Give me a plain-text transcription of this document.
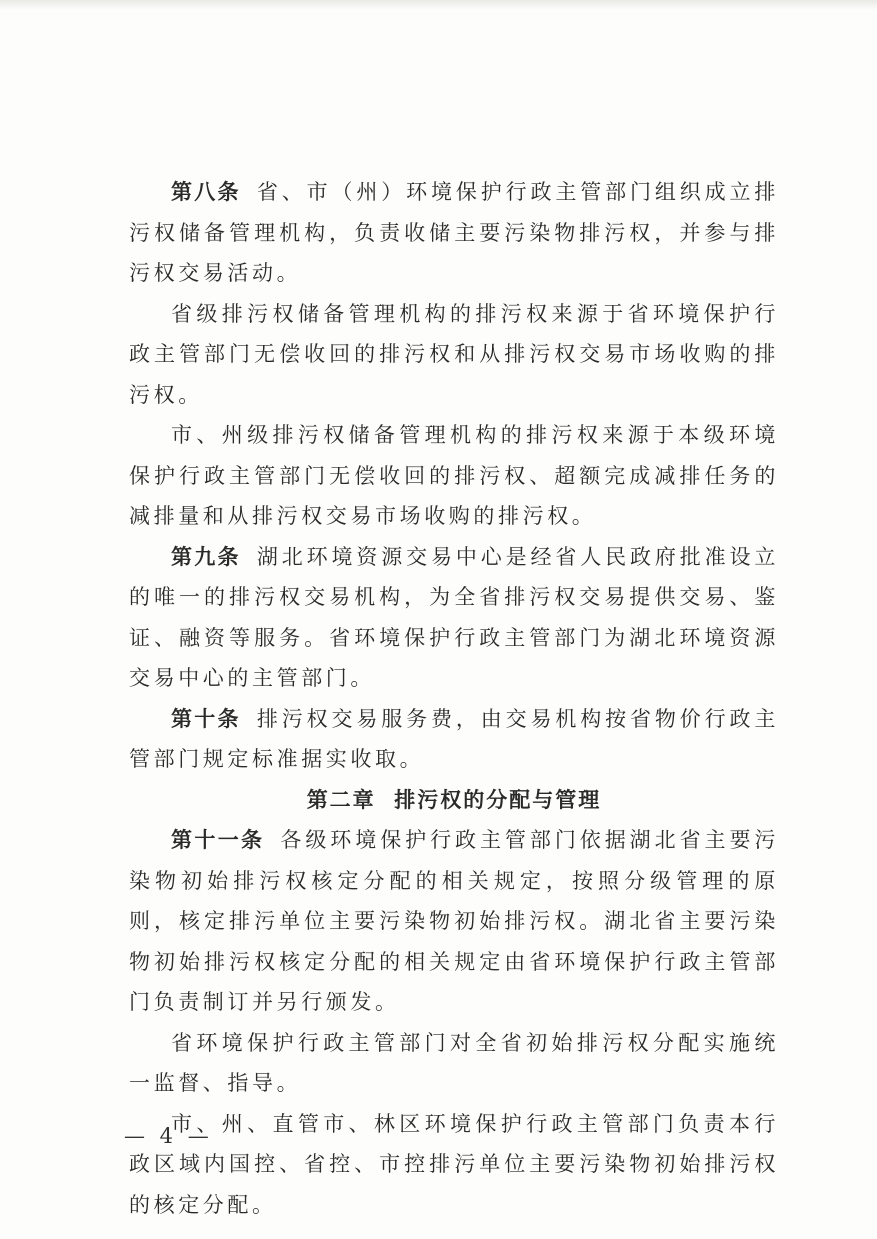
第八条 省、市（州）环境保护行政主管部门组织成立排污权储备管理机构，负责收储主要污染物排污权，并参与排污权交易活动。

省级排污权储备管理机构的排污权来源于省环境保护行政主管部门无偿收回的排污权和从排污权交易市场收购的排污权。

市、州级排污权储备管理机构的排污权来源于本级环境保护行政主管部门无偿收回的排污权、超额完成减排任务的减排量和从排污权交易市场收购的排污权。

第九条 湖北环境资源交易中心是经省人民政府批准设立的唯一的排污权交易机构，为全省排污权交易提供交易、鉴证、融资等服务。省环境保护行政主管部门为湖北环境资源交易中心的主管部门。

第十条 排污权交易服务费，由交易机构按省物价行政主管部门规定标准据实收取。

第二章  排污权的分配与管理

第十一条 各级环境保护行政主管部门依据湖北省主要污染物初始排污权核定分配的相关规定，按照分级管理的原则，核定排污单位主要污染物初始排污权。湖北省主要污染物初始排污权核定分配的相关规定由省环境保护行政主管部门负责制订并另行颁发。

省环境保护行政主管部门对全省初始排污权分配实施统一监督、指导。

市、州、直管市、林区环境保护行政主管部门负责本行政区域内国控、省控、市控排污单位主要污染物初始排污权的核定分配。

— 4 —
